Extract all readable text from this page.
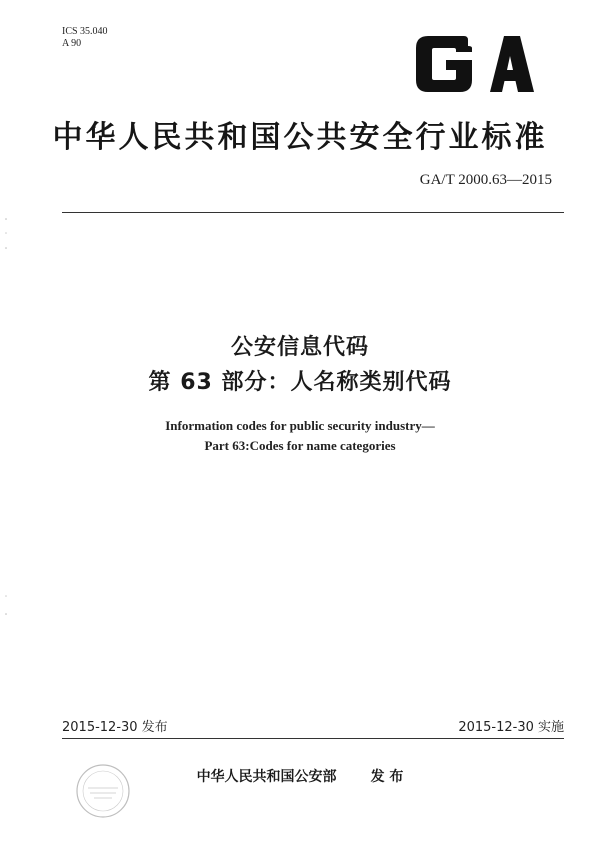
ICS 35.040
A 90
中华人民共和国公共安全行业标准
GA/T 2000.63—2015
公安信息代码
第 63 部分：人名称类别代码
Information codes for public security industry—
Part 63:Codes for name categories
2015-12-30 发布	2015-12-30 实施
中华人民共和国公安部 发 布
